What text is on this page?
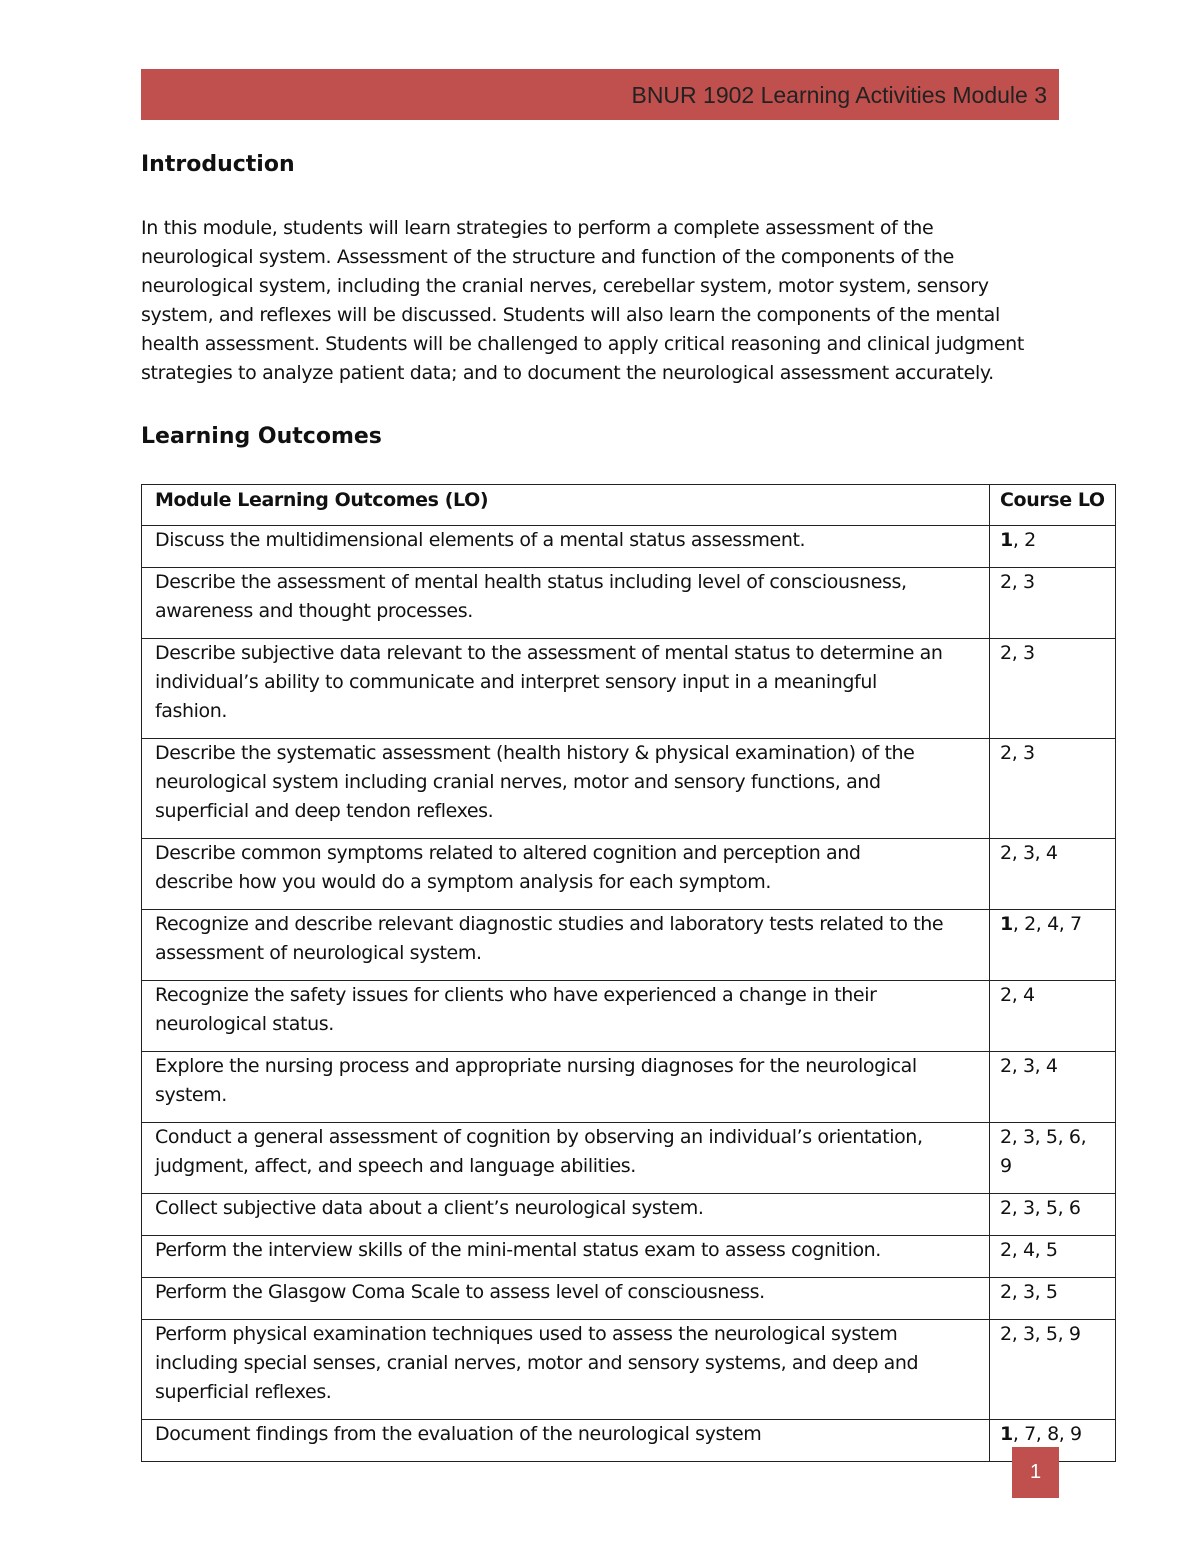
BNUR 1902 Learning Activities Module 3
Introduction

In this module, students will learn strategies to perform a complete assessment of the
neurological system. Assessment of the structure and function of the components of the
neurological system, including the cranial nerves, cerebellar system, motor system, sensory
system, and reflexes will be discussed. Students will also learn the components of the mental
health assessment. Students will be challenged to apply critical reasoning and clinical judgment
strategies to analyze patient data; and to document the neurological assessment accurately.

Learning Outcomes
Module Learning Outcomes (LO)	Course LO
Discuss the multidimensional elements of a mental status assessment.	1, 2
Describe the assessment of mental health status including level of consciousness,
awareness and thought processes.	2, 3
Describe subjective data relevant to the assessment of mental status to determine an
individual’s ability to communicate and interpret sensory input in a meaningful
fashion.	2, 3
Describe the systematic assessment (health history & physical examination) of the
neurological system including cranial nerves, motor and sensory functions, and
superficial and deep tendon reflexes.	2, 3
Describe common symptoms related to altered cognition and perception and
describe how you would do a symptom analysis for each symptom.	2, 3, 4
Recognize and describe relevant diagnostic studies and laboratory tests related to the
assessment of neurological system.	1, 2, 4, 7
Recognize the safety issues for clients who have experienced a change in their
neurological status.	2, 4
Explore the nursing process and appropriate nursing diagnoses for the neurological
system.	2, 3, 4
Conduct a general assessment of cognition by observing an individual’s orientation,
judgment, affect, and speech and language abilities.	2, 3, 5, 6,
9
Collect subjective data about a client’s neurological system.	2, 3, 5, 6
Perform the interview skills of the mini-mental status exam to assess cognition.	2, 4, 5
Perform the Glasgow Coma Scale to assess level of consciousness.	2, 3, 5
Perform physical examination techniques used to assess the neurological system
including special senses, cranial nerves, motor and sensory systems, and deep and
superficial reflexes.	2, 3, 5, 9
Document findings from the evaluation of the neurological system	1, 7, 8, 9
1
